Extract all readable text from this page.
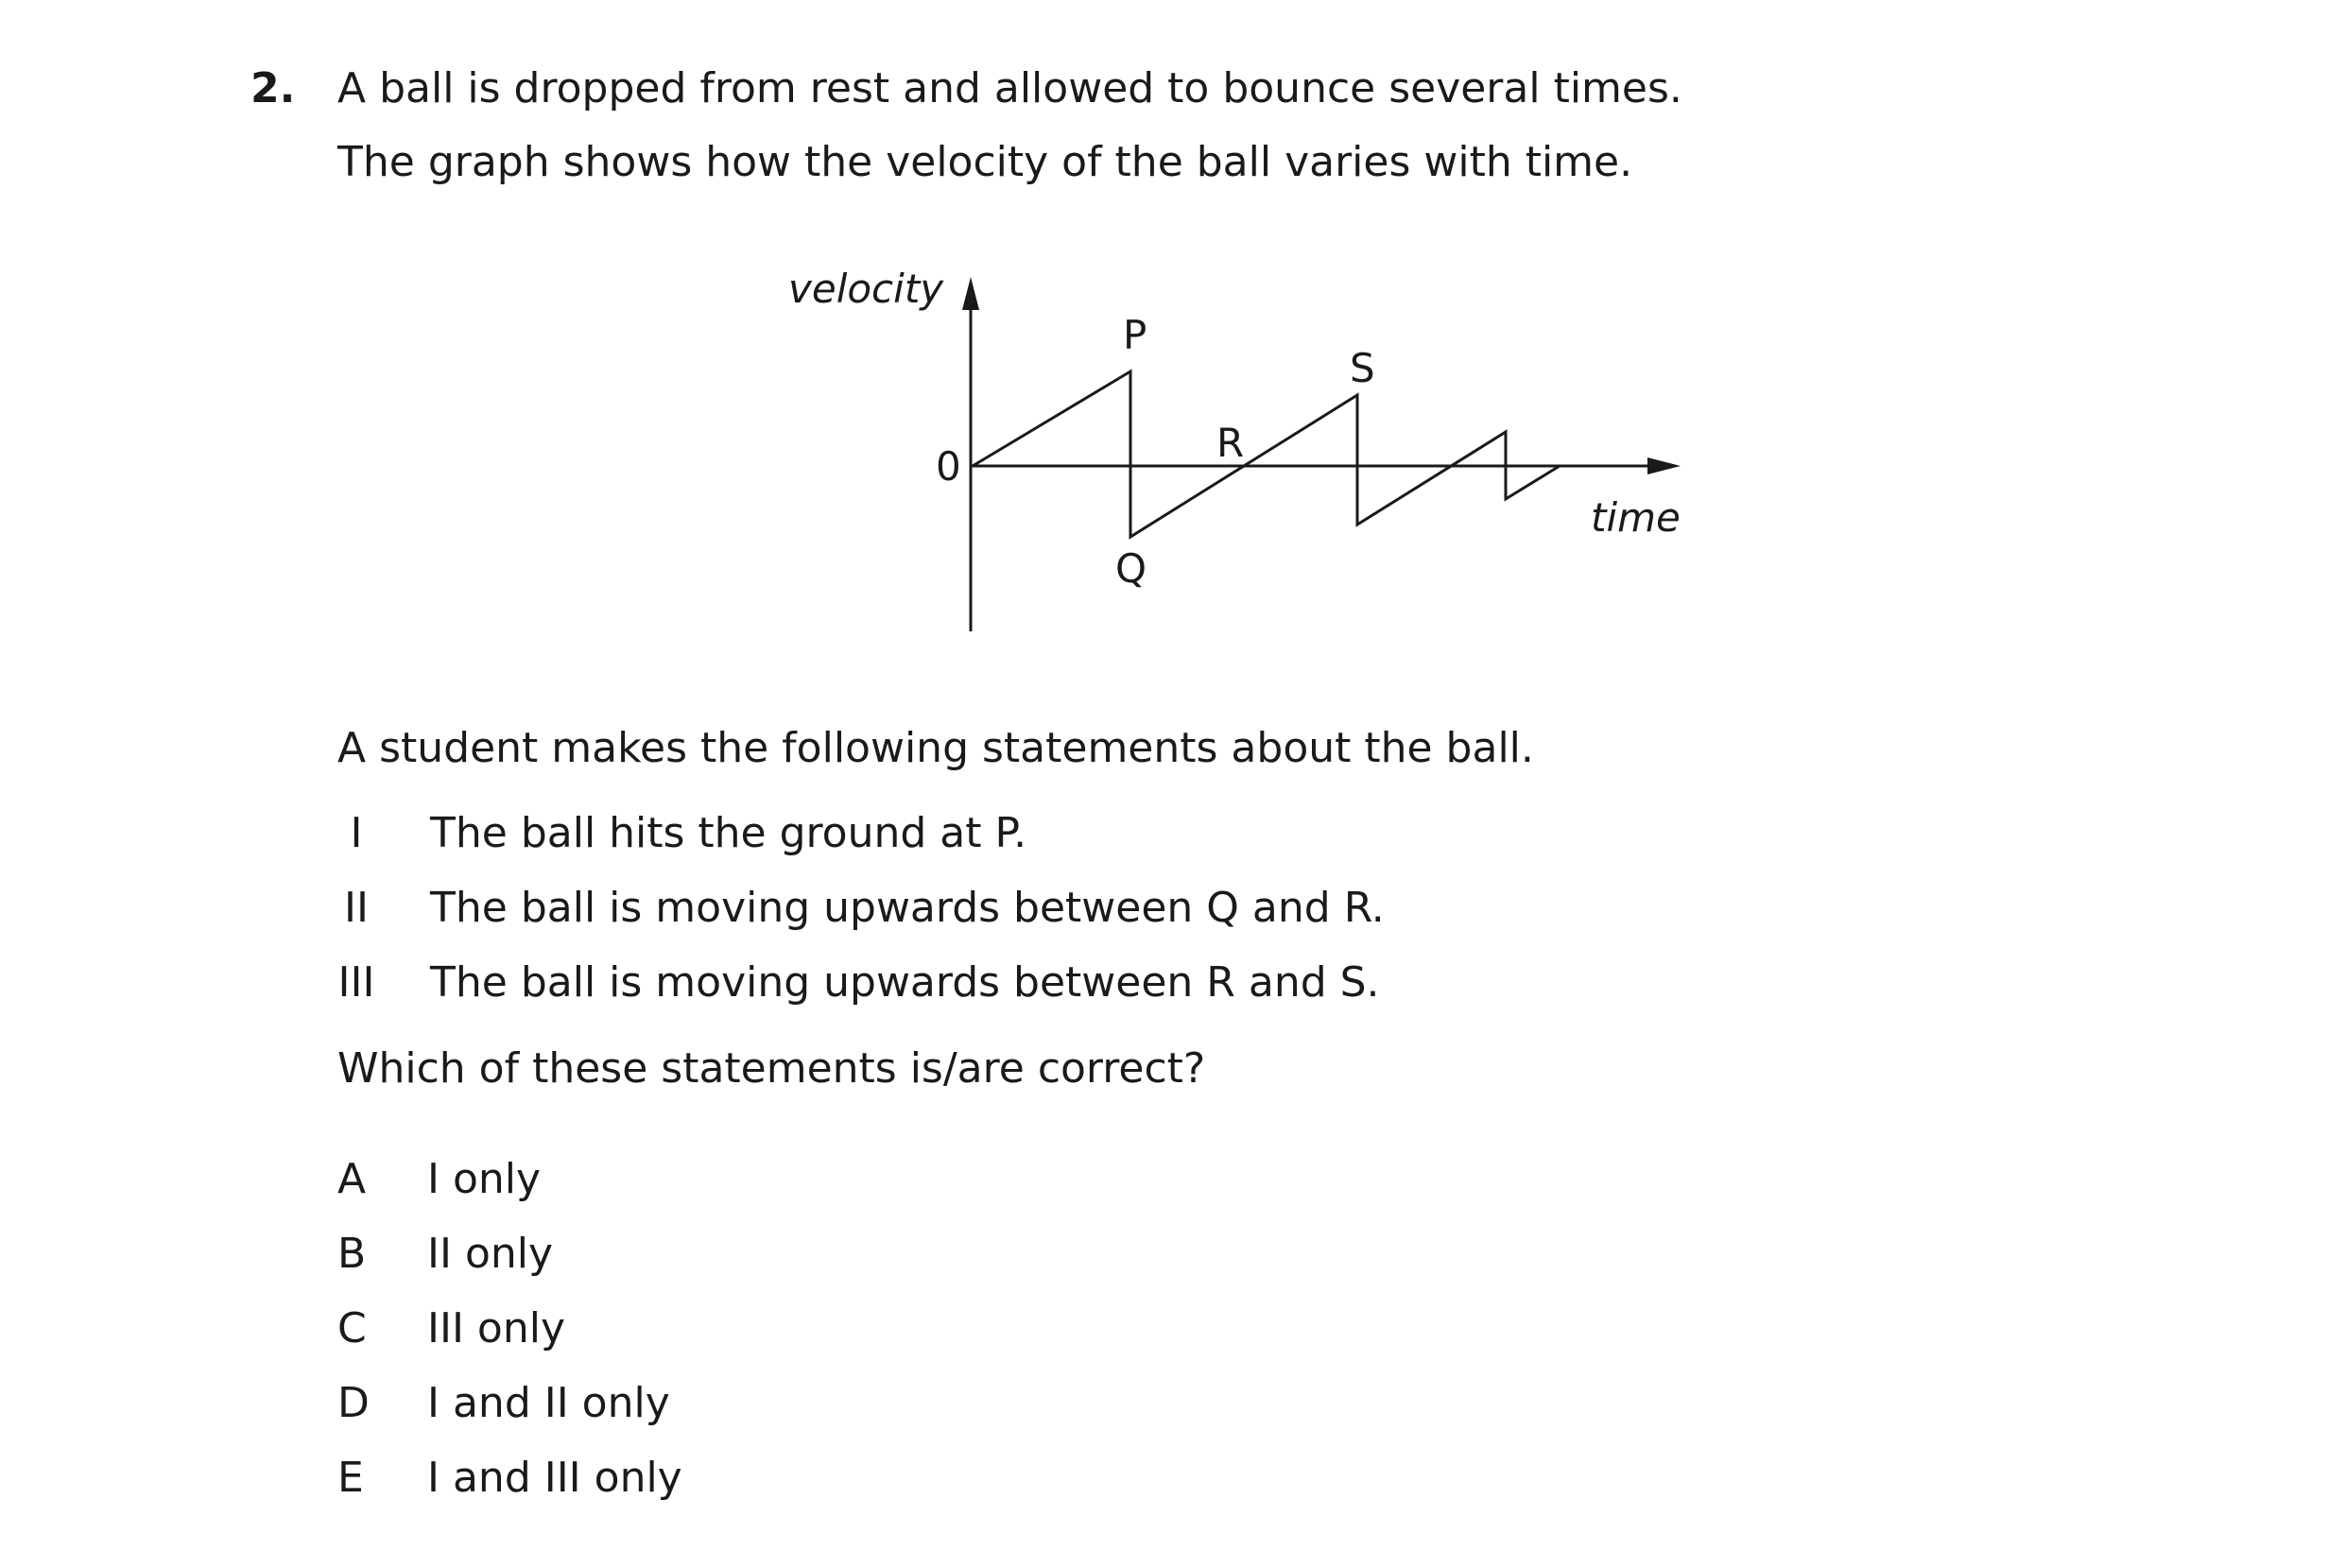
2. A ball is dropped from rest and allowed to bounce several times.
The graph shows how the velocity of the ball varies with time.
velocity
time
0
P
Q
R
S
A student makes the following statements about the ball.
I	The ball hits the ground at P.
II The ball is moving upwards between Q and R.
III The ball is moving upwards between R and S.
Which of these statements is/are correct?
A I only
B II only
C III only
D I and II only
E I and III only
